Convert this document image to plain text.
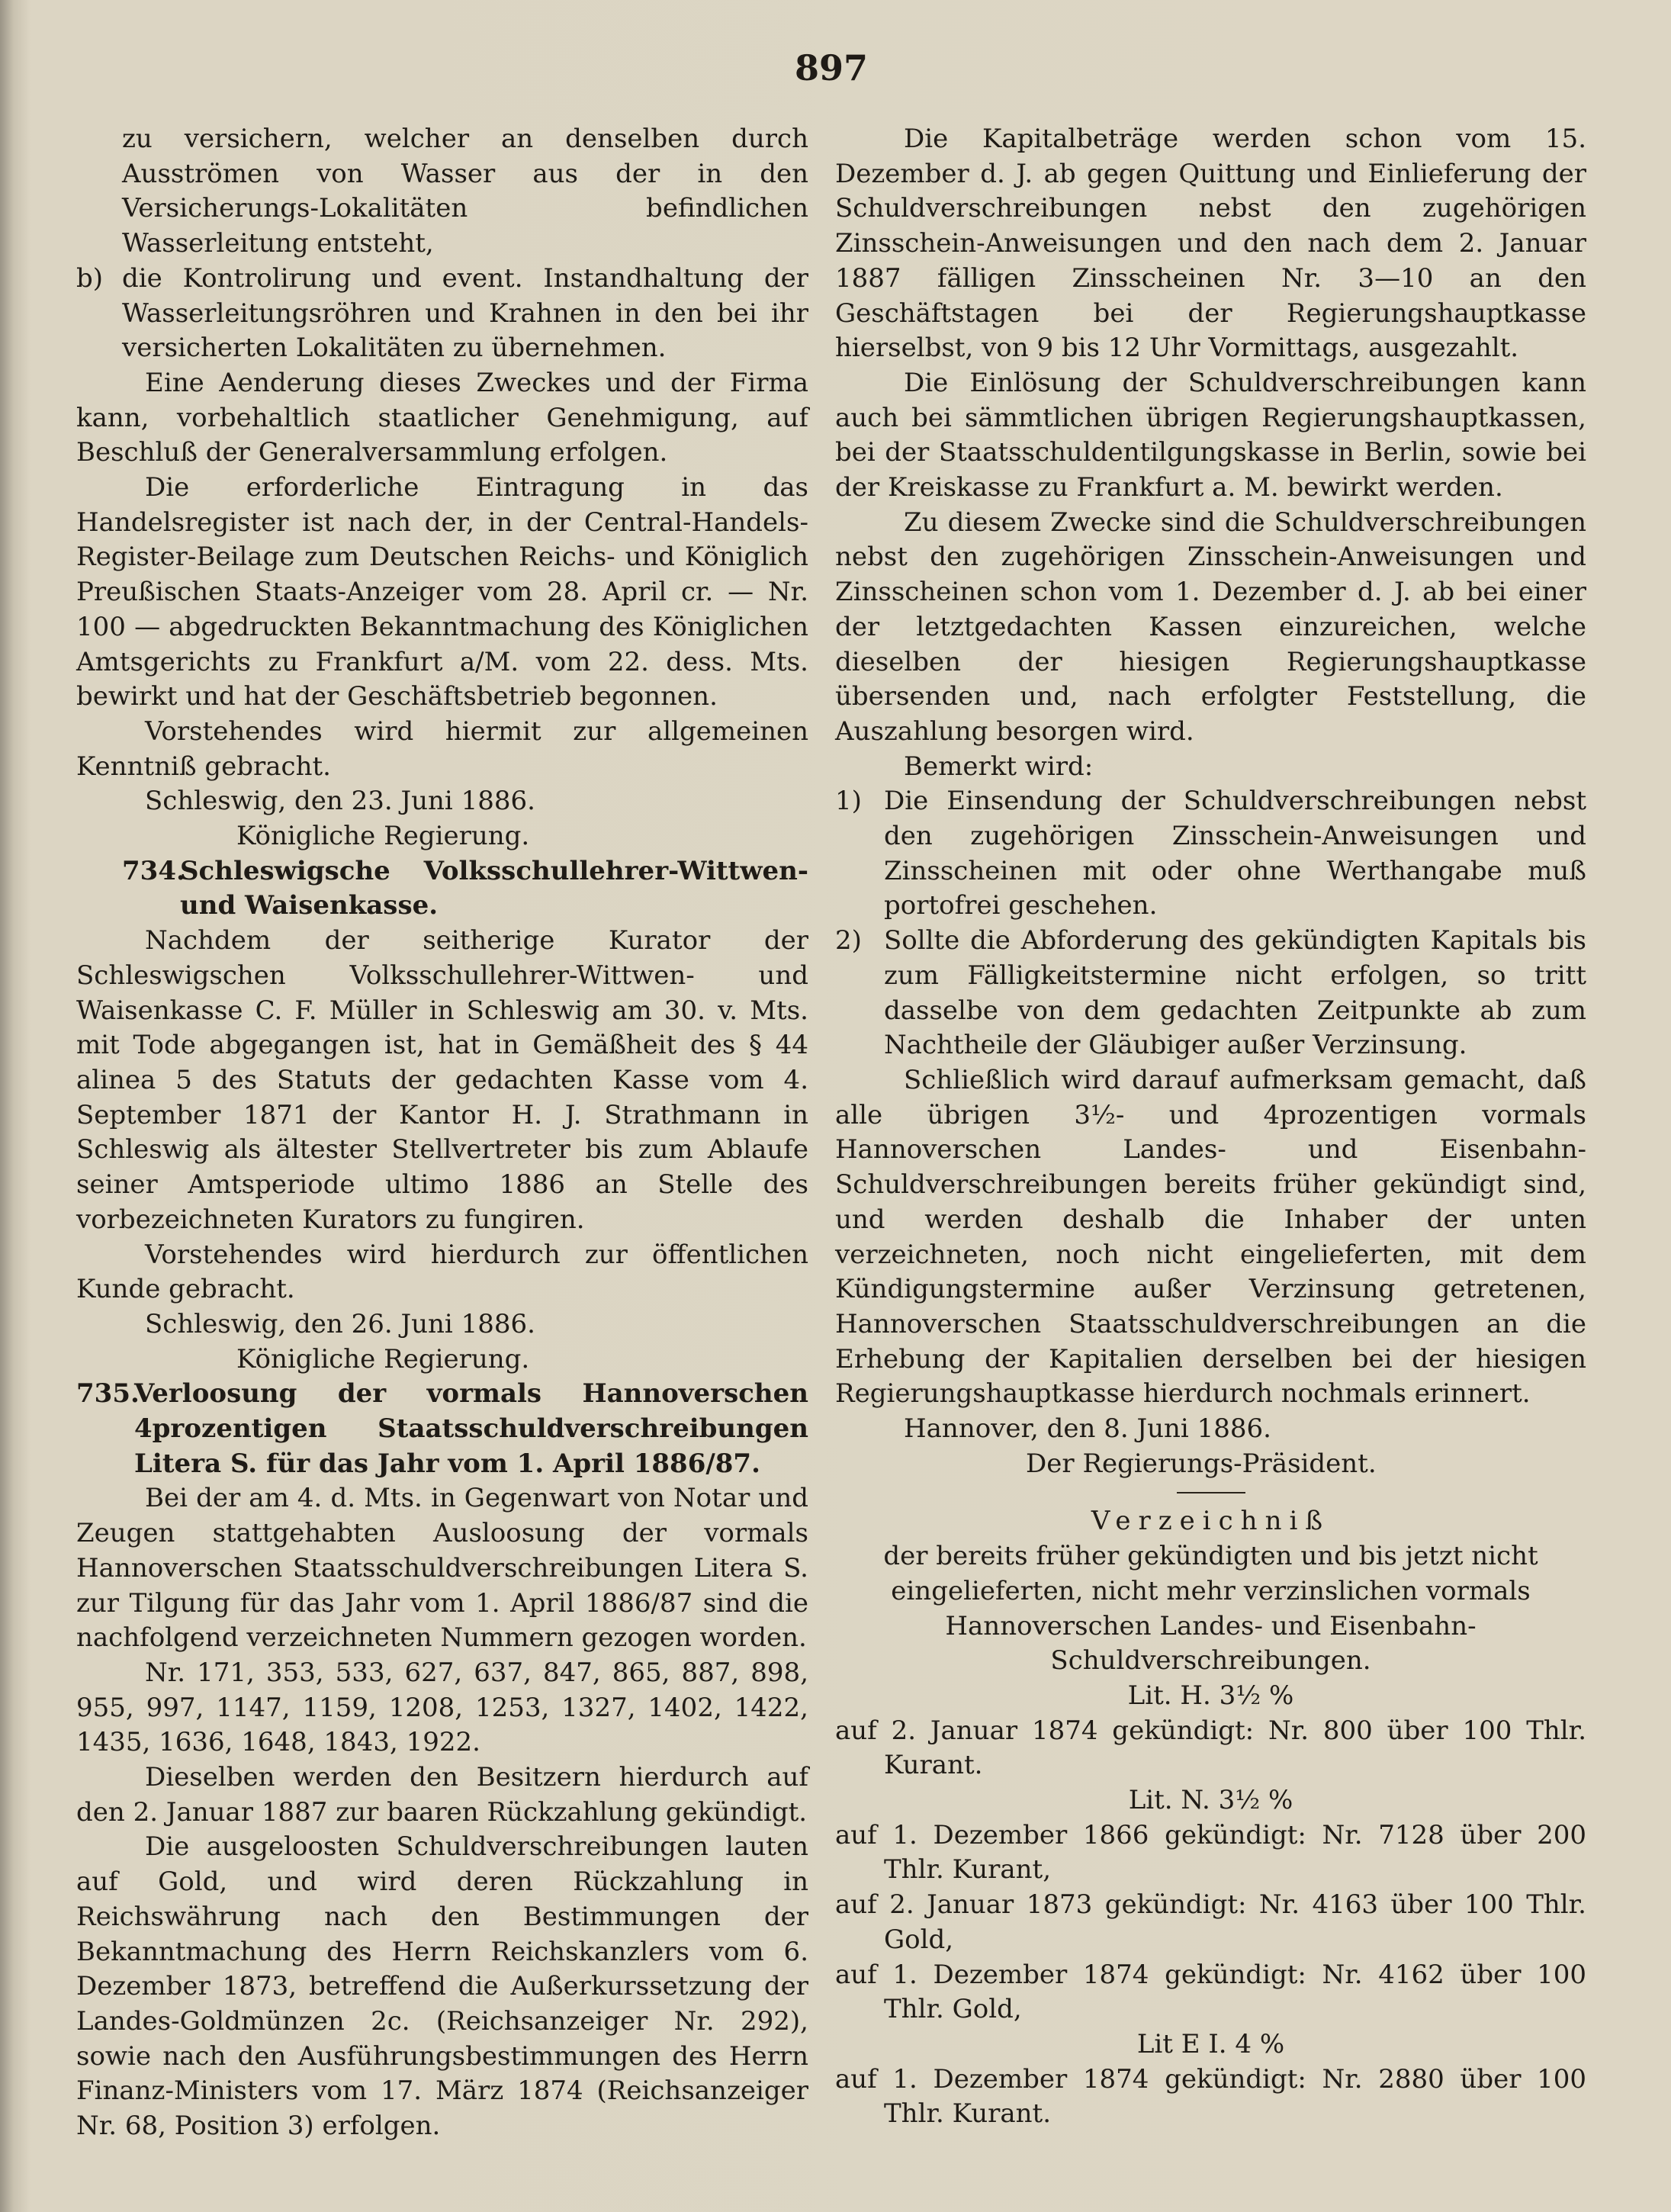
897

zu versichern, welcher an denselben durch Ausströmen von Wasser aus der in den Versicherungs-Lokalitäten befindlichen Wasserleitung entsteht,

b) die Kontrolirung und event. Instandhaltung der Wasserleitungsröhren und Krahnen in den bei ihr versicherten Lokalitäten zu übernehmen.

Eine Aenderung dieses Zweckes und der Firma kann, vorbehaltlich staatlicher Genehmigung, auf Beschluß der Generalversammlung erfolgen.

Die erforderliche Eintragung in das Handelsregister ist nach der, in der Central-Handels-Register-Beilage zum Deutschen Reichs- und Königlich Preußischen Staats-Anzeiger vom 28. April cr. — Nr. 100 — abgedruckten Bekanntmachung des Königlichen Amtsgerichts zu Frankfurt a/M. vom 22. dess. Mts. bewirkt und hat der Geschäftsbetrieb begonnen.

Vorstehendes wird hiermit zur allgemeinen Kenntniß gebracht.

Schleswig, den 23. Juni 1886.

Königliche Regierung.

734.
Schleswigsche Volksschullehrer-Wittwen- und Waisenkasse.

Nachdem der seitherige Kurator der Schleswigschen Volksschullehrer-Wittwen- und Waisenkasse C. F. Müller in Schleswig am 30. v. Mts. mit Tode abgegangen ist, hat in Gemäßheit des § 44 alinea 5 des Statuts der gedachten Kasse vom 4. September 1871 der Kantor H. J. Strathmann in Schleswig als ältester Stellvertreter bis zum Ablaufe seiner Amtsperiode ultimo 1886 an Stelle des vorbezeichneten Kurators zu fungiren.

Vorstehendes wird hierdurch zur öffentlichen Kunde gebracht.

Schleswig, den 26. Juni 1886.

Königliche Regierung.

735.
Verloosung der vormals Hannoverschen 4prozentigen Staatsschuldverschreibungen Litera S. für das Jahr vom 1. April 1886/87.

Bei der am 4. d. Mts. in Gegenwart von Notar und Zeugen stattgehabten Ausloosung der vormals Hannoverschen Staatsschuldverschreibungen Litera S. zur Tilgung für das Jahr vom 1. April 1886/87 sind die nachfolgend verzeichneten Nummern gezogen worden.

Nr. 171, 353, 533, 627, 637, 847, 865, 887, 898, 955, 997, 1147, 1159, 1208, 1253, 1327, 1402, 1422, 1435, 1636, 1648, 1843, 1922.

Dieselben werden den Besitzern hierdurch auf den 2. Januar 1887 zur baaren Rückzahlung gekündigt.

Die ausgeloosten Schuldverschreibungen lauten auf Gold, und wird deren Rückzahlung in Reichswährung nach den Bestimmungen der Bekanntmachung des Herrn Reichskanzlers vom 6. Dezember 1873, betreffend die Außerkurssetzung der Landes-Goldmünzen 2c. (Reichsanzeiger Nr. 292), sowie nach den Ausführungsbestimmungen des Herrn Finanz-Ministers vom 17. März 1874 (Reichsanzeiger Nr. 68, Position 3) erfolgen.

Die Kapitalbeträge werden schon vom 15. Dezember d. J. ab gegen Quittung und Einlieferung der Schuldverschreibungen nebst den zugehörigen Zinsschein-Anweisungen und den nach dem 2. Januar 1887 fälligen Zinsscheinen Nr. 3—10 an den Geschäftstagen bei der Regierungshauptkasse hierselbst, von 9 bis 12 Uhr Vormittags, ausgezahlt.

Die Einlösung der Schuldverschreibungen kann auch bei sämmtlichen übrigen Regierungshauptkassen, bei der Staatsschuldentilgungskasse in Berlin, sowie bei der Kreiskasse zu Frankfurt a. M. bewirkt werden.

Zu diesem Zwecke sind die Schuldverschreibungen nebst den zugehörigen Zinsschein-Anweisungen und Zinsscheinen schon vom 1. Dezember d. J. ab bei einer der letztgedachten Kassen einzureichen, welche dieselben der hiesigen Regierungshauptkasse übersenden und, nach erfolgter Feststellung, die Auszahlung besorgen wird.

Bemerkt wird:

1) Die Einsendung der Schuldverschreibungen nebst den zugehörigen Zinsschein-Anweisungen und Zinsscheinen mit oder ohne Werthangabe muß portofrei geschehen.
2) Sollte die Abforderung des gekündigten Kapitals bis zum Fälligkeitstermine nicht erfolgen, so tritt dasselbe von dem gedachten Zeitpunkte ab zum Nachtheile der Gläubiger außer Verzinsung.

Schließlich wird darauf aufmerksam gemacht, daß alle übrigen 3½- und 4prozentigen vormals Hannoverschen Landes- und Eisenbahn-Schuldverschreibungen bereits früher gekündigt sind, und werden deshalb die Inhaber der unten verzeichneten, noch nicht eingelieferten, mit dem Kündigungstermine außer Verzinsung getretenen, Hannoverschen Staatsschuldverschreibungen an die Erhebung der Kapitalien derselben bei der hiesigen Regierungshauptkasse hierdurch nochmals erinnert.

Hannover, den 8. Juni 1886.

Der Regierungs-Präsident.

Verzeichniß

der bereits früher gekündigten und bis jetzt nicht eingelieferten, nicht mehr verzinslichen vormals Hannoverschen Landes- und Eisenbahn-Schuldverschreibungen.

Lit. H. 3½ %

auf 2. Januar 1874 gekündigt: Nr. 800 über 100 Thlr. Kurant.

Lit. N. 3½ %

auf 1. Dezember 1866 gekündigt: Nr. 7128 über 200 Thlr. Kurant,

auf 2. Januar 1873 gekündigt: Nr. 4163 über 100 Thlr. Gold,

auf 1. Dezember 1874 gekündigt: Nr. 4162 über 100 Thlr. Gold,

Lit E I. 4 %

auf 1. Dezember 1874 gekündigt: Nr. 2880 über 100 Thlr. Kurant.
